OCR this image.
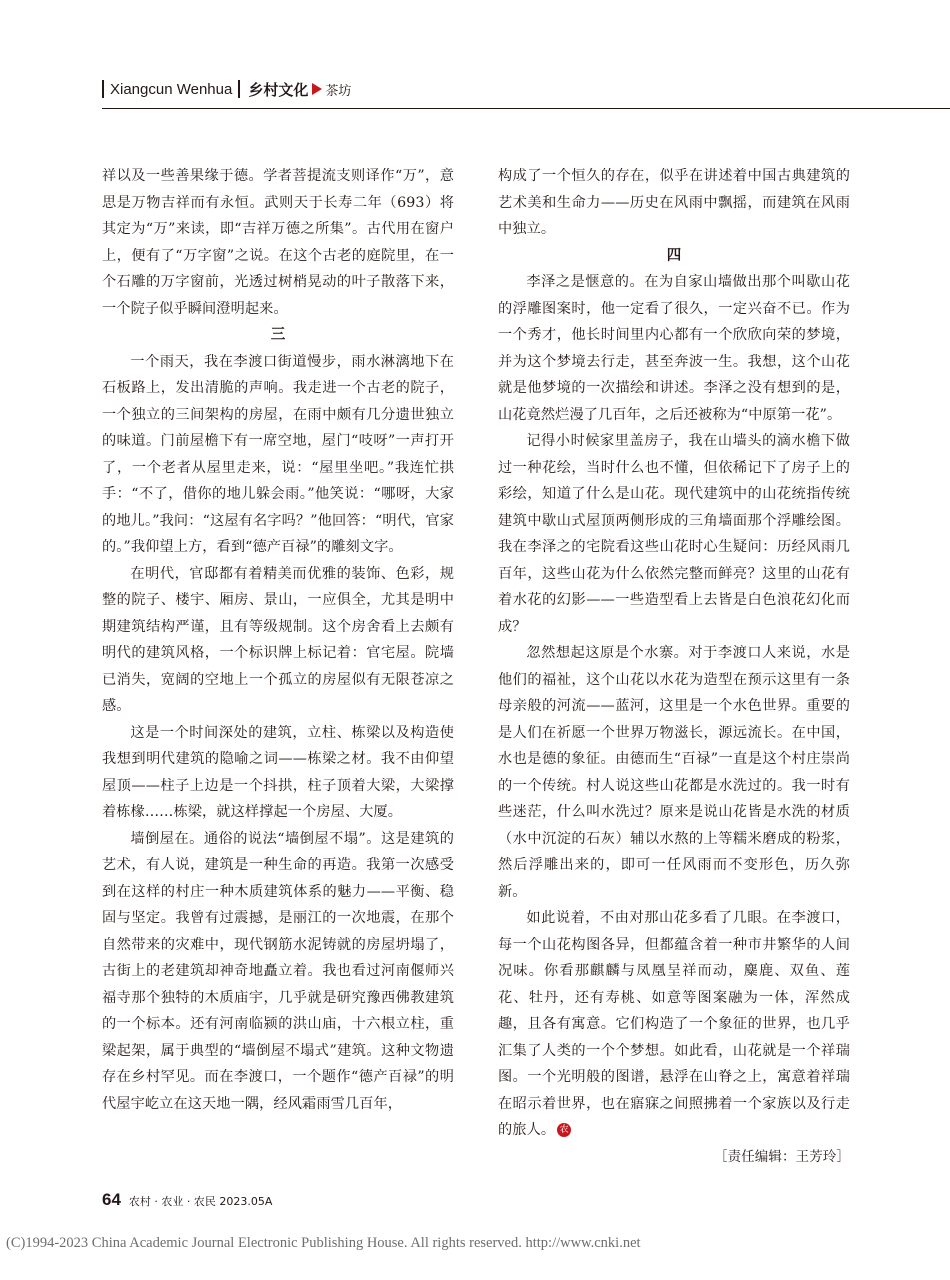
Xiangcun Wenhua 乡村文化 茶坊

祥以及一些善果缘于德。学者菩提流支则译作“万”，意思是万物吉祥而有永恒。武则天于长寿二年（693）将其定为“万”来读，即“吉祥万德之所集”。古代用在窗户上，便有了“万字窗”之说。在这个古老的庭院里，在一个石雕的万字窗前，光透过树梢晃动的叶子散落下来，一个院子似乎瞬间澄明起来。

三

一个雨天，我在李渡口街道慢步，雨水淋漓地下在石板路上，发出清脆的声响。我走进一个古老的院子，一个独立的三间架构的房屋，在雨中颇有几分遗世独立的味道。门前屋檐下有一席空地，屋门“吱呀”一声打开了，一个老者从屋里走来，说：“屋里坐吧。”我连忙拱手：“不了，借你的地儿躲会雨。”他笑说：“哪呀，大家的地儿。”我问：“这屋有名字吗？”他回答：“明代，官家的。”我仰望上方，看到“德产百禄”的雕刻文字。

在明代，官邸都有着精美而优雅的装饰、色彩，规整的院子、楼宇、厢房、景山，一应俱全，尤其是明中期建筑结构严谨，且有等级规制。这个房舍看上去颇有明代的建筑风格，一个标识牌上标记着：官宅屋。院墙已消失，宽阔的空地上一个孤立的房屋似有无限苍凉之感。

这是一个时间深处的建筑，立柱、栋梁以及构造使我想到明代建筑的隐喻之词——栋梁之材。我不由仰望屋顶——柱子上边是一个抖拱，柱子顶着大梁，大梁撑着栋椽……栋梁，就这样撑起一个房屋、大厦。

墙倒屋在。通俗的说法“墙倒屋不塌”。这是建筑的艺术，有人说，建筑是一种生命的再造。我第一次感受到在这样的村庄一种木质建筑体系的魅力——平衡、稳固与坚定。我曾有过震撼，是丽江的一次地震，在那个自然带来的灾难中，现代钢筋水泥铸就的房屋坍塌了，古街上的老建筑却神奇地矗立着。我也看过河南偃师兴福寺那个独特的木质庙宇，几乎就是研究豫西佛教建筑的一个标本。还有河南临颍的洪山庙，十六根立柱，重梁起架，属于典型的“墙倒屋不塌式”建筑。这种文物遗存在乡村罕见。而在李渡口，一个题作“德产百禄”的明代屋宇屹立在这天地一隅，经风霜雨雪几百年，

构成了一个恒久的存在，似乎在讲述着中国古典建筑的艺术美和生命力——历史在风雨中飘摇，而建筑在风雨中独立。

四

李泽之是惬意的。在为自家山墙做出那个叫歇山花的浮雕图案时，他一定看了很久，一定兴奋不已。作为一个秀才，他长时间里内心都有一个欣欣向荣的梦境，并为这个梦境去行走，甚至奔波一生。我想，这个山花就是他梦境的一次描绘和讲述。李泽之没有想到的是，山花竟然烂漫了几百年，之后还被称为“中原第一花”。

记得小时候家里盖房子，我在山墙头的滴水檐下做过一种花绘，当时什么也不懂，但依稀记下了房子上的彩绘，知道了什么是山花。现代建筑中的山花统指传统建筑中歇山式屋顶两侧形成的三角墙面那个浮雕绘图。我在李泽之的宅院看这些山花时心生疑问：历经风雨几百年，这些山花为什么依然完整而鲜亮？这里的山花有着水花的幻影——一些造型看上去皆是白色浪花幻化而成？

忽然想起这原是个水寨。对于李渡口人来说，水是他们的福祉，这个山花以水花为造型在预示这里有一条母亲般的河流——蓝河，这里是一个水色世界。重要的是人们在祈愿一个世界万物滋长，源远流长。在中国，水也是德的象征。由德而生“百禄”一直是这个村庄崇尚的一个传统。村人说这些山花都是水洗过的。我一时有些迷茫，什么叫水洗过？原来是说山花皆是水洗的材质（水中沉淀的石灰）辅以水熬的上等糯米磨成的粉浆，然后浮雕出来的，即可一任风雨而不变形色，历久弥新。

如此说着，不由对那山花多看了几眼。在李渡口，每一个山花构图各异，但都蕴含着一种市井繁华的人间况味。你看那麒麟与凤凰呈祥而动，麋鹿、双鱼、莲花、牡丹，还有寿桃、如意等图案融为一体，浑然成趣，且各有寓意。它们构造了一个象征的世界，也几乎汇集了人类的一个个梦想。如此看，山花就是一个祥瑞图。一个光明般的图谱，悬浮在山脊之上，寓意着祥瑞在昭示着世界，也在寤寐之间照拂着一个家族以及行走的旅人。 农

［责任编辑：王芳玲］

64 农村 · 农业 · 农民 2023.05A
(C)1994-2023 China Academic Journal Electronic Publishing House. All rights reserved. http://www.cnki.net
